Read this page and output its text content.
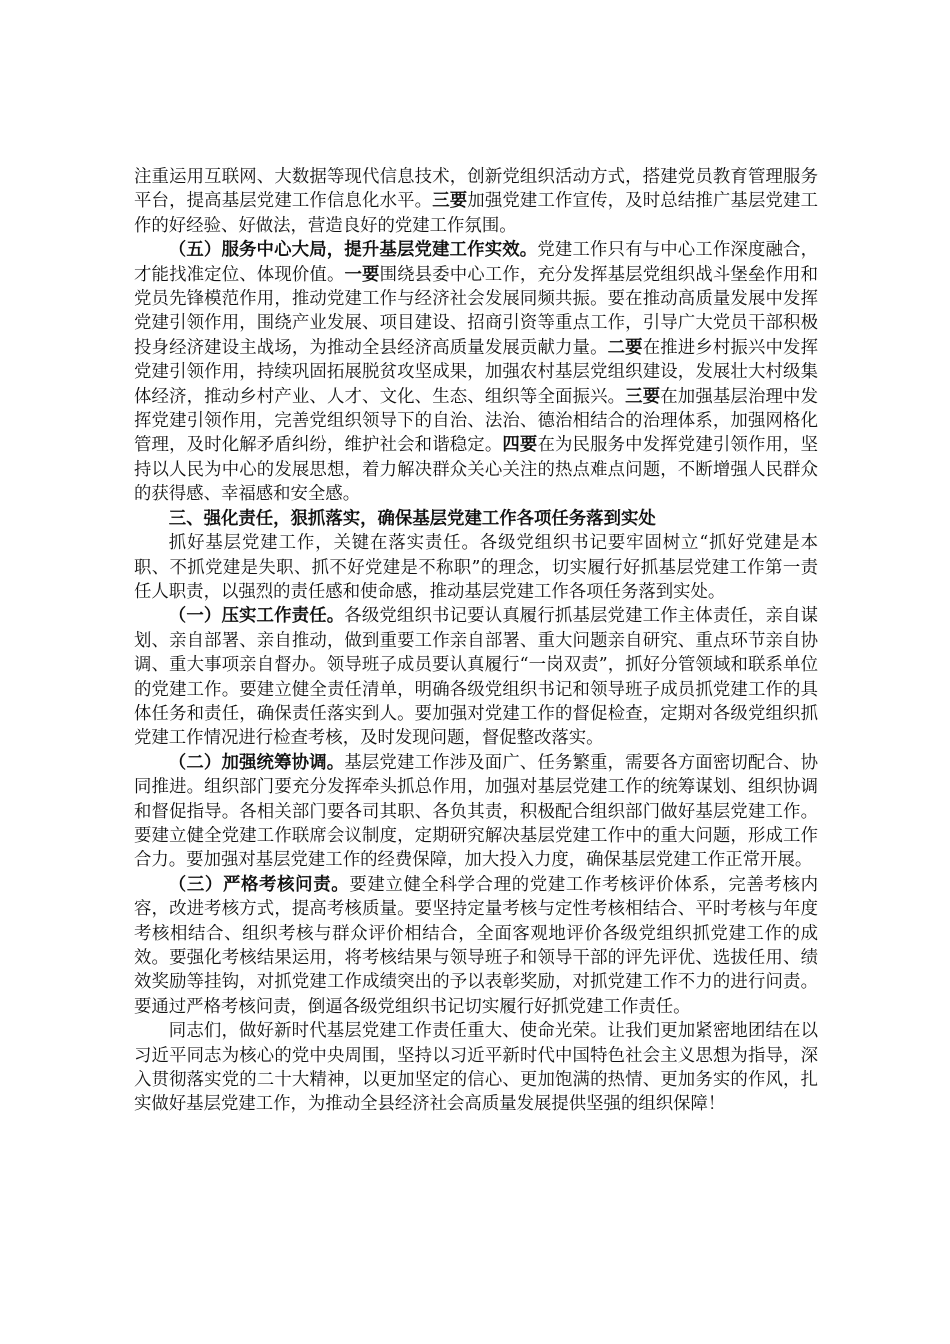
注重运用互联网、大数据等现代信息技术，创新党组织活动方式，搭建党员教育管理服务平台，提高基层党建工作信息化水平。三要加强党建工作宣传，及时总结推广基层党建工作的好经验、好做法，营造良好的党建工作氛围。

（五）服务中心大局，提升基层党建工作实效。党建工作只有与中心工作深度融合，才能找准定位、体现价值。一要围绕县委中心工作，充分发挥基层党组织战斗堡垒作用和党员先锋模范作用，推动党建工作与经济社会发展同频共振。要在推动高质量发展中发挥党建引领作用，围绕产业发展、项目建设、招商引资等重点工作，引导广大党员干部积极投身经济建设主战场，为推动全县经济高质量发展贡献力量。二要在推进乡村振兴中发挥党建引领作用，持续巩固拓展脱贫攻坚成果，加强农村基层党组织建设，发展壮大村级集体经济，推动乡村产业、人才、文化、生态、组织等全面振兴。三要在加强基层治理中发挥党建引领作用，完善党组织领导下的自治、法治、德治相结合的治理体系，加强网格化管理，及时化解矛盾纠纷，维护社会和谐稳定。四要在为民服务中发挥党建引领作用，坚持以人民为中心的发展思想，着力解决群众关心关注的热点难点问题，不断增强人民群众的获得感、幸福感和安全感。

三、强化责任，狠抓落实，确保基层党建工作各项任务落到实处

抓好基层党建工作，关键在落实责任。各级党组织书记要牢固树立“抓好党建是本职、不抓党建是失职、抓不好党建是不称职”的理念，切实履行好抓基层党建工作第一责任人职责，以强烈的责任感和使命感，推动基层党建工作各项任务落到实处。

（一）压实工作责任。各级党组织书记要认真履行抓基层党建工作主体责任，亲自谋划、亲自部署、亲自推动，做到重要工作亲自部署、重大问题亲自研究、重点环节亲自协调、重大事项亲自督办。领导班子成员要认真履行“一岗双责”，抓好分管领域和联系单位的党建工作。要建立健全责任清单，明确各级党组织书记和领导班子成员抓党建工作的具体任务和责任，确保责任落实到人。要加强对党建工作的督促检查，定期对各级党组织抓党建工作情况进行检查考核，及时发现问题，督促整改落实。

（二）加强统筹协调。基层党建工作涉及面广、任务繁重，需要各方面密切配合、协同推进。组织部门要充分发挥牵头抓总作用，加强对基层党建工作的统筹谋划、组织协调和督促指导。各相关部门要各司其职、各负其责，积极配合组织部门做好基层党建工作。要建立健全党建工作联席会议制度，定期研究解决基层党建工作中的重大问题，形成工作合力。要加强对基层党建工作的经费保障，加大投入力度，确保基层党建工作正常开展。

（三）严格考核问责。要建立健全科学合理的党建工作考核评价体系，完善考核内容，改进考核方式，提高考核质量。要坚持定量考核与定性考核相结合、平时考核与年度考核相结合、组织考核与群众评价相结合，全面客观地评价各级党组织抓党建工作的成效。要强化考核结果运用，将考核结果与领导班子和领导干部的评先评优、选拔任用、绩效奖励等挂钩，对抓党建工作成绩突出的予以表彰奖励，对抓党建工作不力的进行问责。要通过严格考核问责，倒逼各级党组织书记切实履行好抓党建工作责任。

同志们，做好新时代基层党建工作责任重大、使命光荣。让我们更加紧密地团结在以习近平同志为核心的党中央周围，坚持以习近平新时代中国特色社会主义思想为指导，深入贯彻落实党的二十大精神，以更加坚定的信心、更加饱满的热情、更加务实的作风，扎实做好基层党建工作，为推动全县经济社会高质量发展提供坚强的组织保障！
